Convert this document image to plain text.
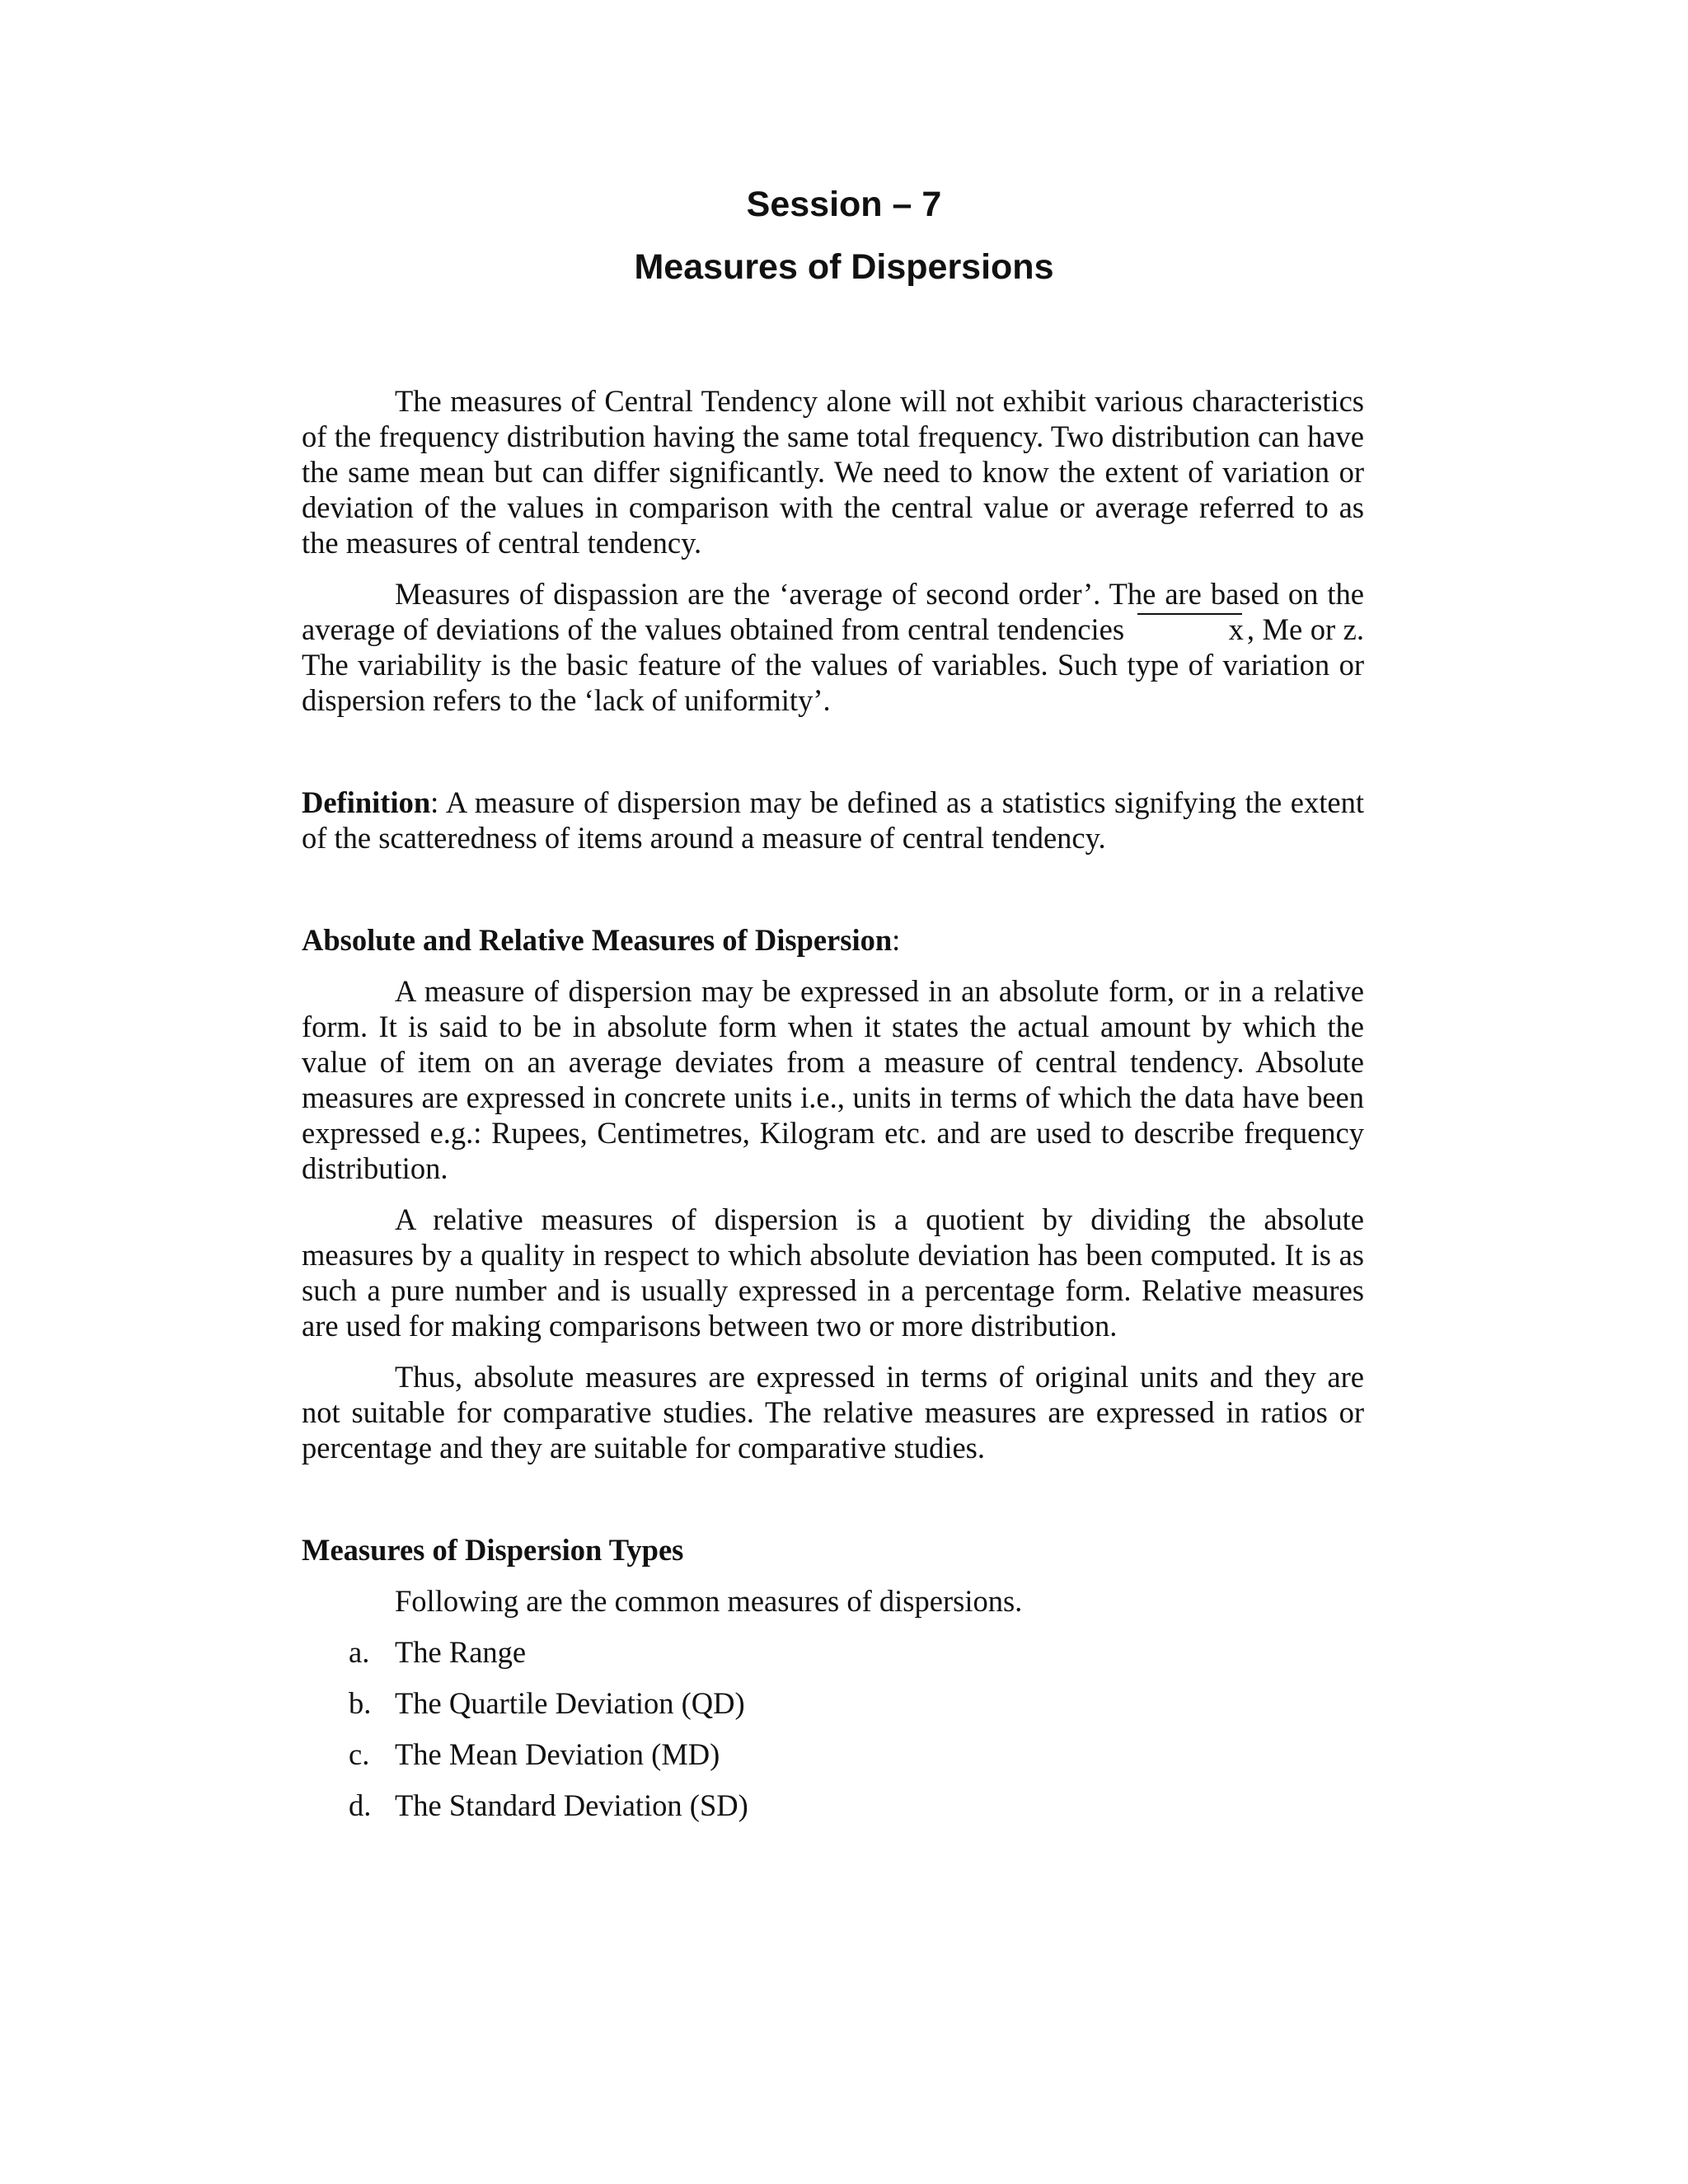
Session – 7
Measures of Dispersions

The measures of Central Tendency alone will not exhibit various characteristics of the frequency distribution having the same total frequency. Two distribution can have the same mean but can differ significantly. We need to know the extent of variation or deviation of the values in comparison with the central value or average referred to as the measures of central tendency.

Measures of dispassion are the ‘average of second order’. The are based on the average of deviations of the values obtained from central tendencies	x , Me or z. The variability is the basic feature of the values of variables. Such type of variation or dispersion refers to the ‘lack of uniformity’.

Definition: A measure of dispersion may be defined as a statistics signifying the extent of the scatteredness of items around a measure of central tendency.

Absolute and Relative Measures of Dispersion:

A measure of dispersion may be expressed in an absolute form, or in a relative form. It is said to be in absolute form when it states the actual amount by which the value of item on an average deviates from a measure of central tendency. Absolute measures are expressed in concrete units i.e., units in terms of which the data have been expressed e.g.: Rupees, Centimetres, Kilogram etc. and are used to describe frequency distribution.

A relative measures of dispersion is a quotient by dividing the absolute measures by a quality in respect to which absolute deviation has been computed. It is as such a pure number and is usually expressed in a percentage form. Relative measures are used for making comparisons between two or more distribution.

Thus, absolute measures are expressed in terms of original units and they are not suitable for comparative studies. The relative measures are expressed in ratios or percentage and they are suitable for comparative studies.

Measures of Dispersion Types

Following are the common measures of dispersions.

a. The Range
b. The Quartile Deviation (QD)
c. The Mean Deviation (MD)
d. The Standard Deviation (SD)
